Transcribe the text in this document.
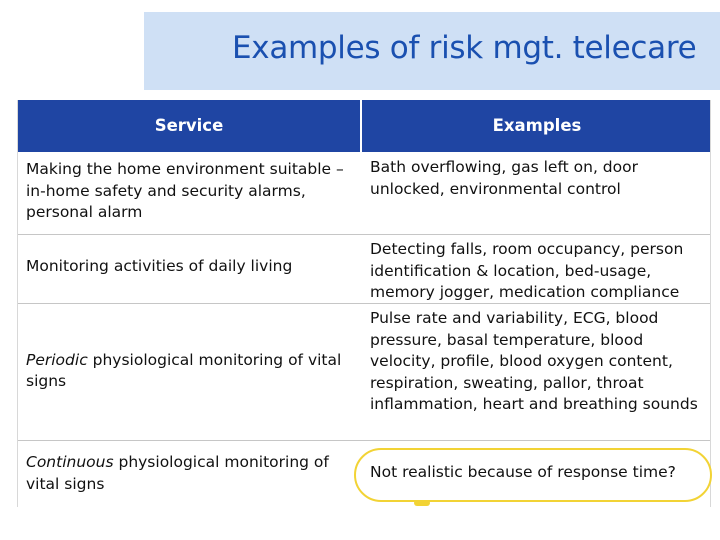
Examples of risk mgt. telecare
Service	Examples
Making the home environment suitable – in-home safety and security alarms, personal alarm
Bath overflowing, gas left on, door unlocked, environmental control
Monitoring activities of daily living
Detecting falls, room occupancy, person identification & location, bed-usage, memory jogger, medication compliance
Periodic physiological monitoring of vital signs
Pulse rate and variability, ECG, blood pressure, basal temperature, blood velocity, profile, blood oxygen content, respiration, sweating, pallor, throat inflammation, heart and breathing sounds
Continuous physiological monitoring of vital signs
Not realistic because of response time?
